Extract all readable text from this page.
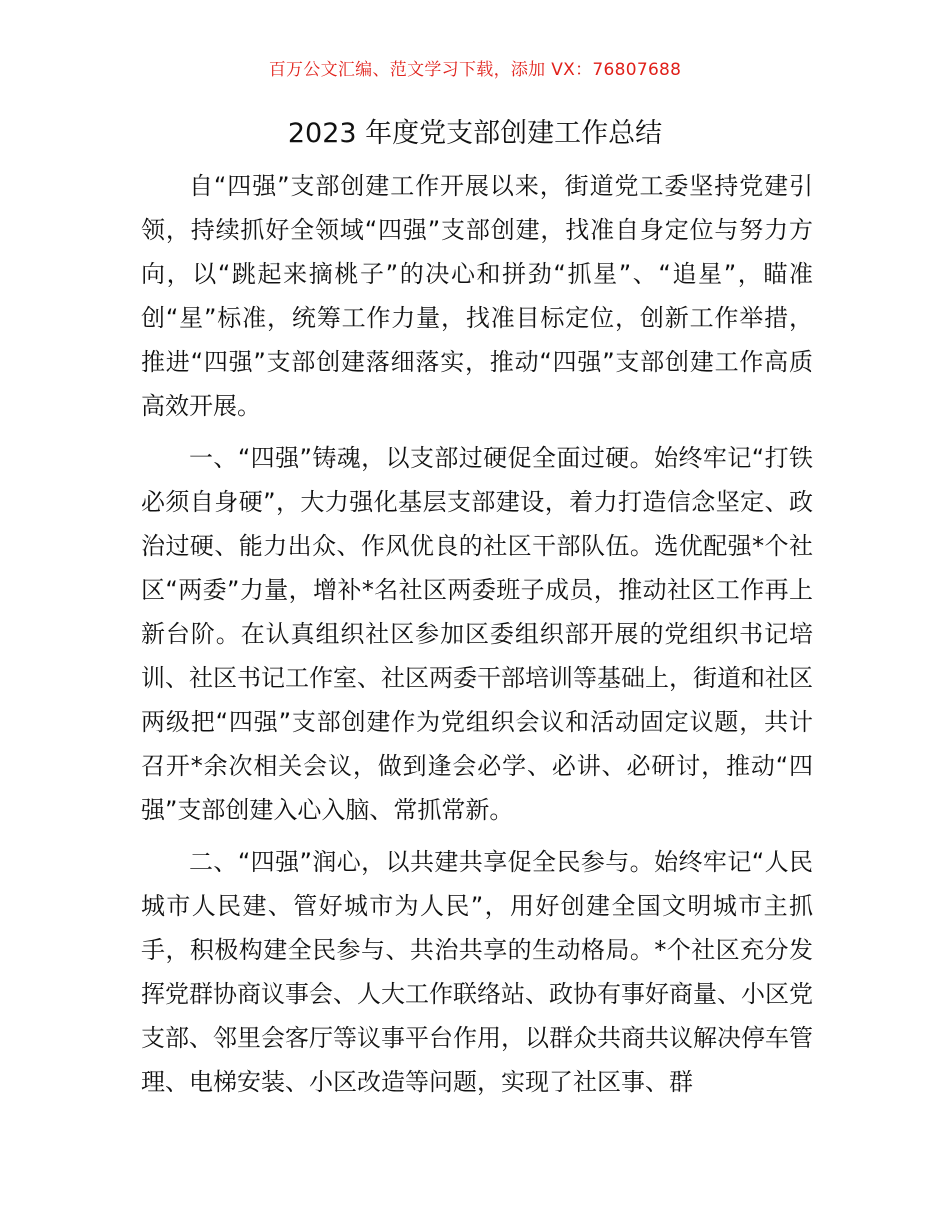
百万公文汇编、范文学习下载，添加 VX：76807688
2023 年度党支部创建工作总结

自“四强”支部创建工作开展以来，街道党工委坚持党建引领，持续抓好全领域“四强”支部创建，找准自身定位与努力方向，以“跳起来摘桃子”的决心和拼劲“抓星”、“追星”，瞄准创“星”标准，统筹工作力量，找准目标定位，创新工作举措，推进“四强”支部创建落细落实，推动“四强”支部创建工作高质高效开展。

一、“四强”铸魂，以支部过硬促全面过硬。始终牢记“打铁必须自身硬”，大力强化基层支部建设，着力打造信念坚定、政治过硬、能力出众、作风优良的社区干部队伍。选优配强*个社区“两委”力量，增补*名社区两委班子成员，推动社区工作再上新台阶。在认真组织社区参加区委组织部开展的党组织书记培训、社区书记工作室、社区两委干部培训等基础上，街道和社区两级把“四强”支部创建作为党组织会议和活动固定议题，共计召开*余次相关会议，做到逢会必学、必讲、必研讨，推动“四强”支部创建入心入脑、常抓常新。

二、“四强”润心，以共建共享促全民参与。始终牢记“人民城市人民建、管好城市为人民”，用好创建全国文明城市主抓手，积极构建全民参与、共治共享的生动格局。*个社区充分发挥党群协商议事会、人大工作联络站、政协有事好商量、小区党支部、邻里会客厅等议事平台作用，以群众共商共议解决停车管理、电梯安装、小区改造等问题，实现了社区事、群
